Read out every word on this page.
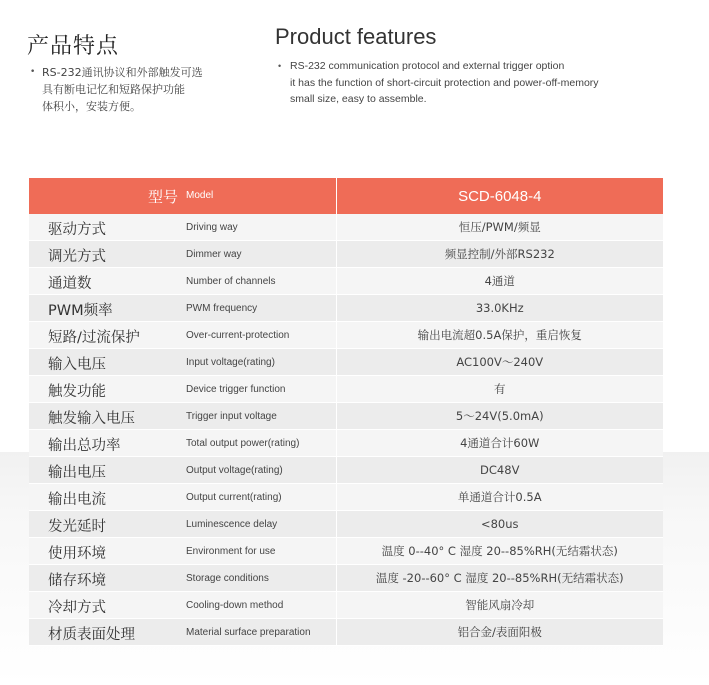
产品特点	Product features
• RS-232通讯协议和外部触发可选
具有断电记忆和短路保护功能
体积小，安装方便。
• RS-232 communication protocol and external trigger option
it has the function of short-circuit protection and power-off-memory
small size, easy to assemble.
型号 Model	SCD-6048-4

驱动方式 Driving way	恒压/PWM/频显

调光方式 Dimmer way	频显控制/外部RS232

通道数 Number of channels	4通道

PWM频率 PWM frequency	33.0KHz

短路/过流保护 Over-current-protection	输出电流超0.5A保护，重启恢复

输入电压 Input voltage(rating)	AC100V～240V

触发功能 Device trigger function	有

触发输入电压 Trigger input voltage	5～24V(5.0mA)

输出总功率 Total output power(rating)	4通道合计60W

输出电压 Output voltage(rating)	DC48V

输出电流 Output current(rating)	单通道合计0.5A

发光延时 Luminescence delay	<80us

使用环境 Environment for use	温度 0--40° C 湿度 20--85%RH(无结霜状态)

储存环境 Storage conditions	温度 -20--60° C 湿度 20--85%RH(无结霜状态)

冷却方式 Cooling-down method	智能风扇冷却

材质表面处理 Material surface preparation	铝合金/表面阳极
